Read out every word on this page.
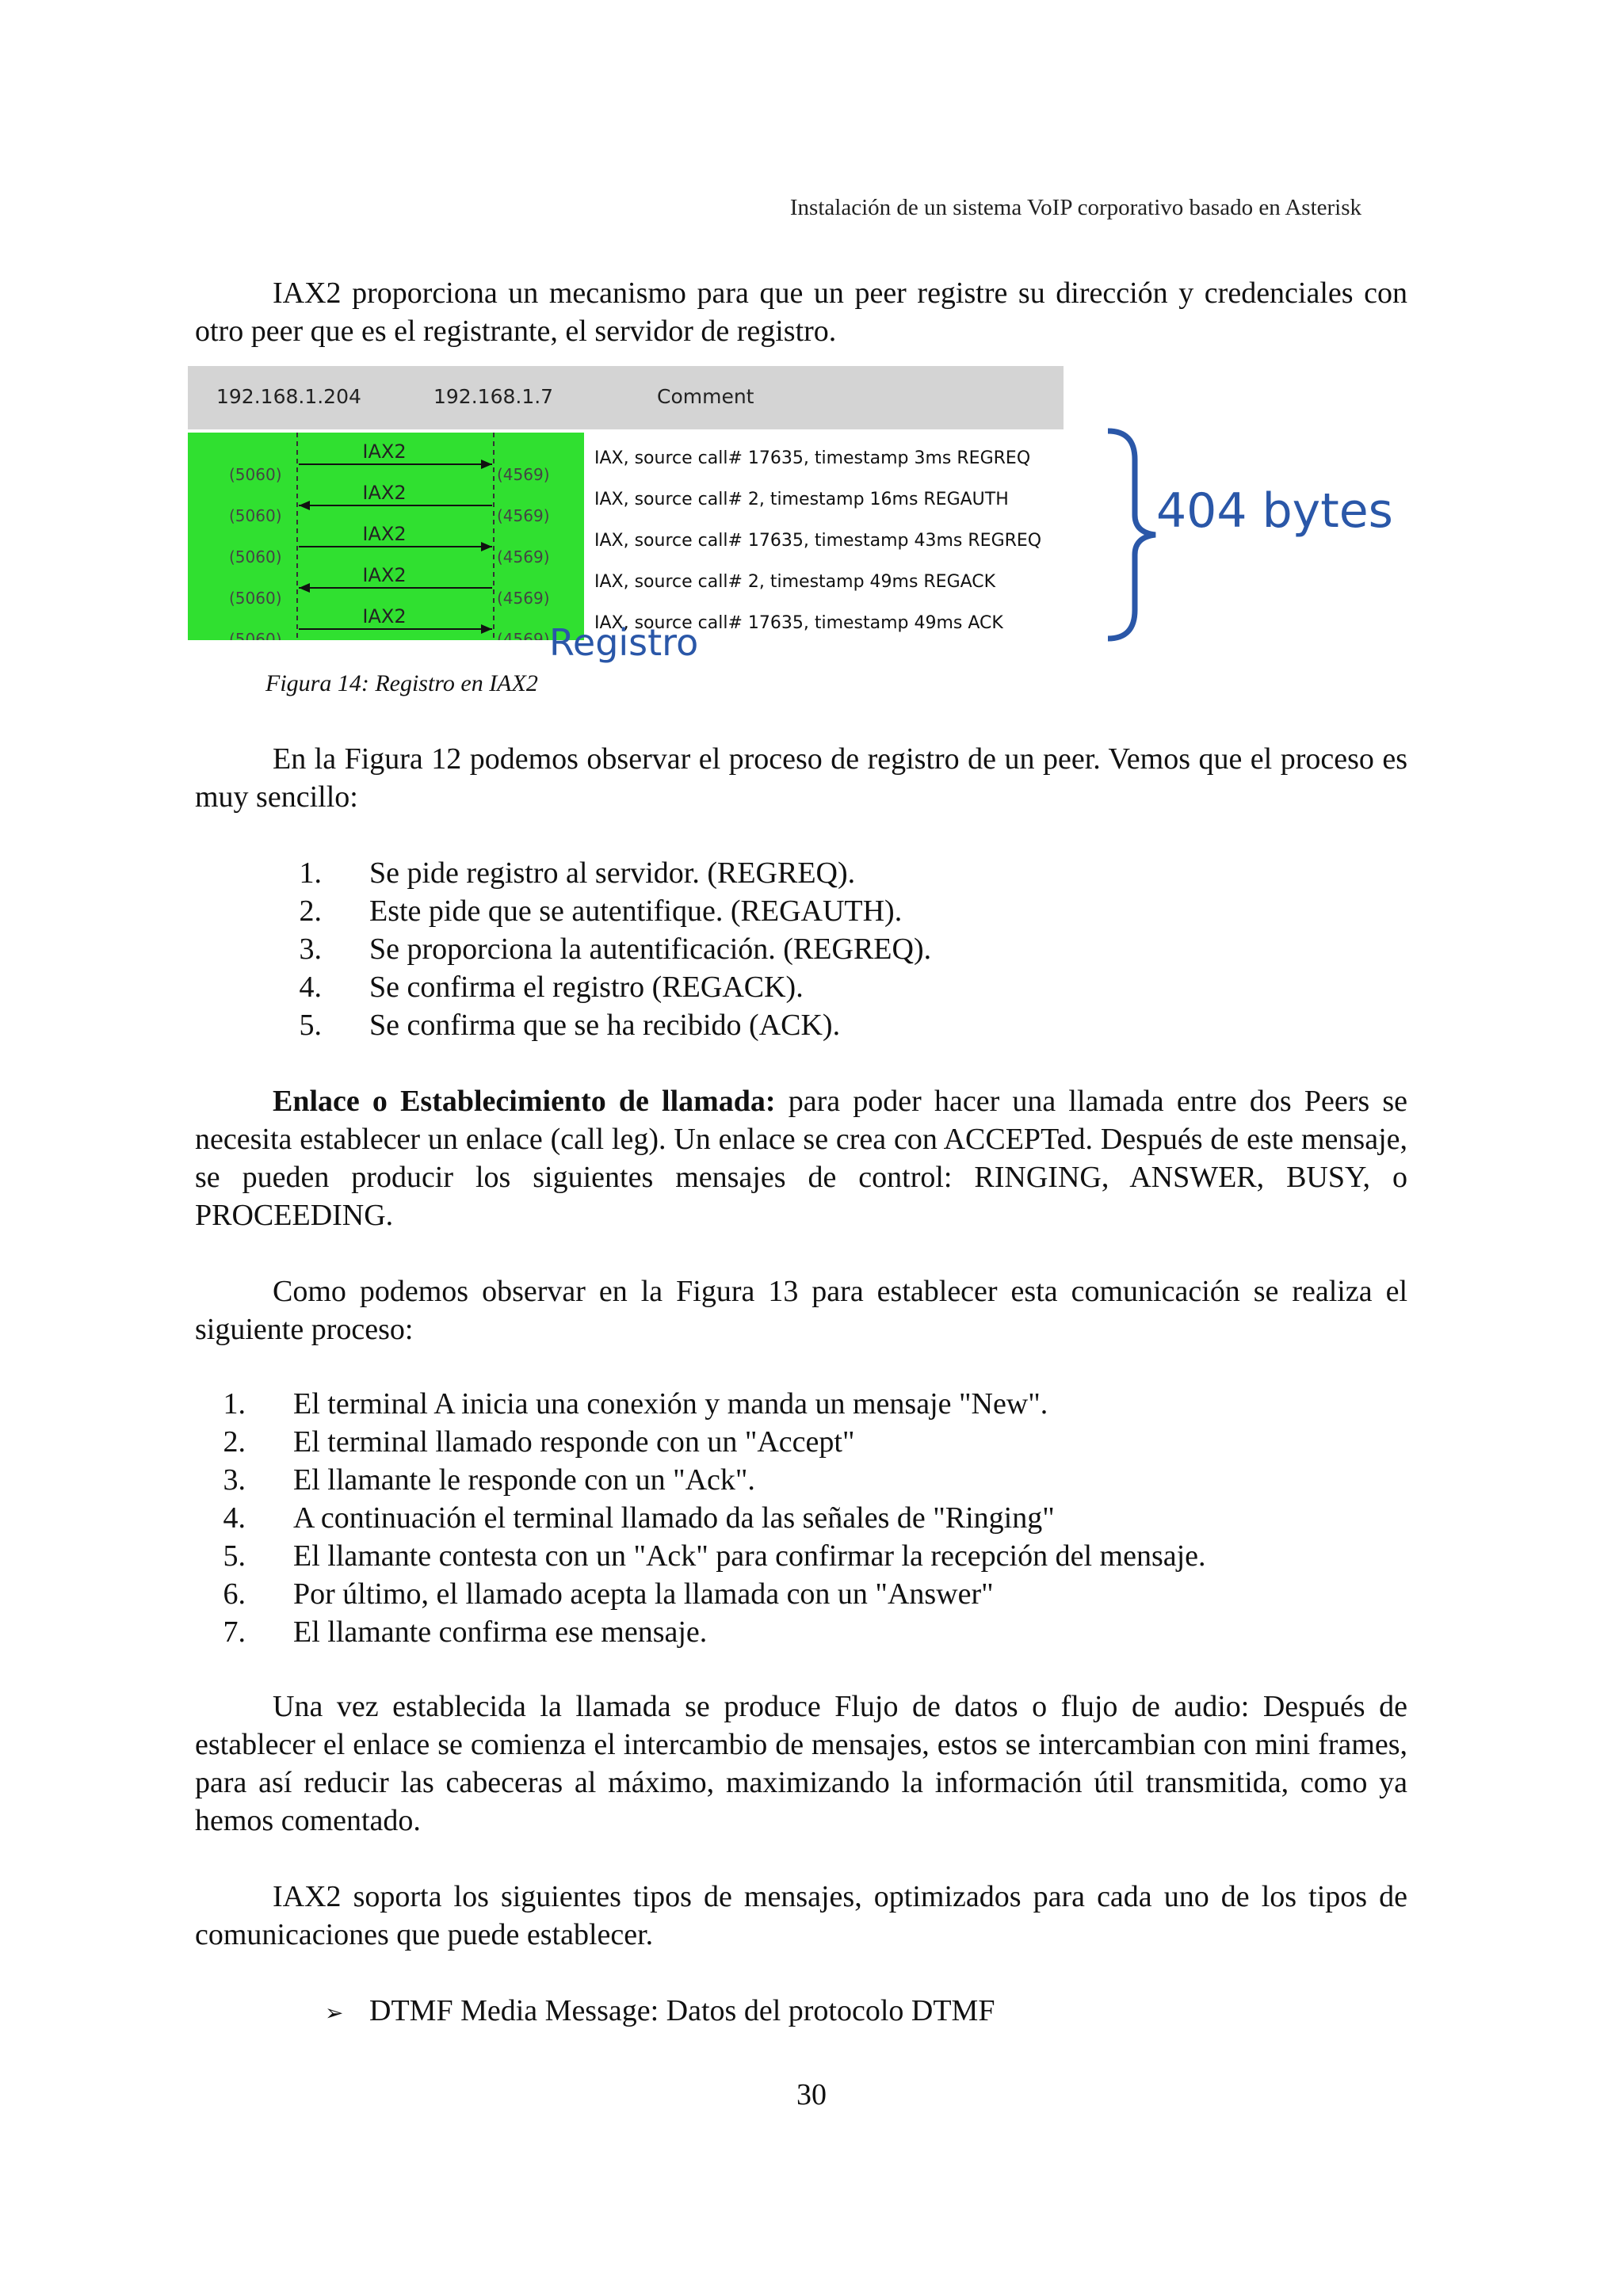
Instalación de un sistema VoIP corporativo basado en Asterisk
IAX2 proporciona un mecanismo para que un peer registre su dirección y credenciales con otro peer que es el registrante, el servidor de registro.
192.168.1.204	192.168.1.7	Comment
IAX2
(5060)	(4569)
IAX2
(5060)	(4569)
IAX2
(5060)	(4569)
IAX2
(5060)	(4569)
IAX2
(5060)	(4569)
IAX, source call# 17635, timestamp 3ms REGREQ
IAX, source call# 2, timestamp 16ms REGAUTH
IAX, source call# 17635, timestamp 43ms REGREQ
IAX, source call# 2, timestamp 49ms REGACK
IAX, source call# 17635, timestamp 49ms ACK
404 bytes
Registro
Figura 14: Registro en IAX2
En la Figura 12 podemos observar el proceso de registro de un peer. Vemos que el proceso es muy sencillo:
1. Se pide registro al servidor. (REGREQ).
2. Este pide que se autentifique. (REGAUTH).
3. Se proporciona la autentificación. (REGREQ).
4. Se confirma el registro (REGACK).
5. Se confirma que se ha recibido (ACK).
Enlace o Establecimiento de llamada: para poder hacer una llamada entre dos Peers se necesita establecer un enlace (call leg). Un enlace se crea con ACCEPTed. Después de este mensaje, se pueden producir los siguientes mensajes de control: RINGING, ANSWER, BUSY, o PROCEEDING.
Como podemos observar en la Figura 13 para establecer esta comunicación se realiza el siguiente proceso:
1. El terminal A inicia una conexión y manda un mensaje "New".
2. El terminal llamado responde con un "Accept"
3. El llamante le responde con un "Ack".
4. A continuación el terminal llamado da las señales de "Ringing"
5. El llamante contesta con un "Ack" para confirmar la recepción del mensaje.
6. Por último, el llamado acepta la llamada con un "Answer"
7. El llamante confirma ese mensaje.
Una vez establecida la llamada se produce Flujo de datos o flujo de audio: Después de establecer el enlace se comienza el intercambio de mensajes, estos se intercambian con mini frames, para así reducir las cabeceras al máximo, maximizando la información útil transmitida, como ya hemos comentado.
IAX2 soporta los siguientes tipos de mensajes, optimizados para cada uno de los tipos de comunicaciones que puede establecer.
➢ DTMF Media Message: Datos del protocolo DTMF
30
